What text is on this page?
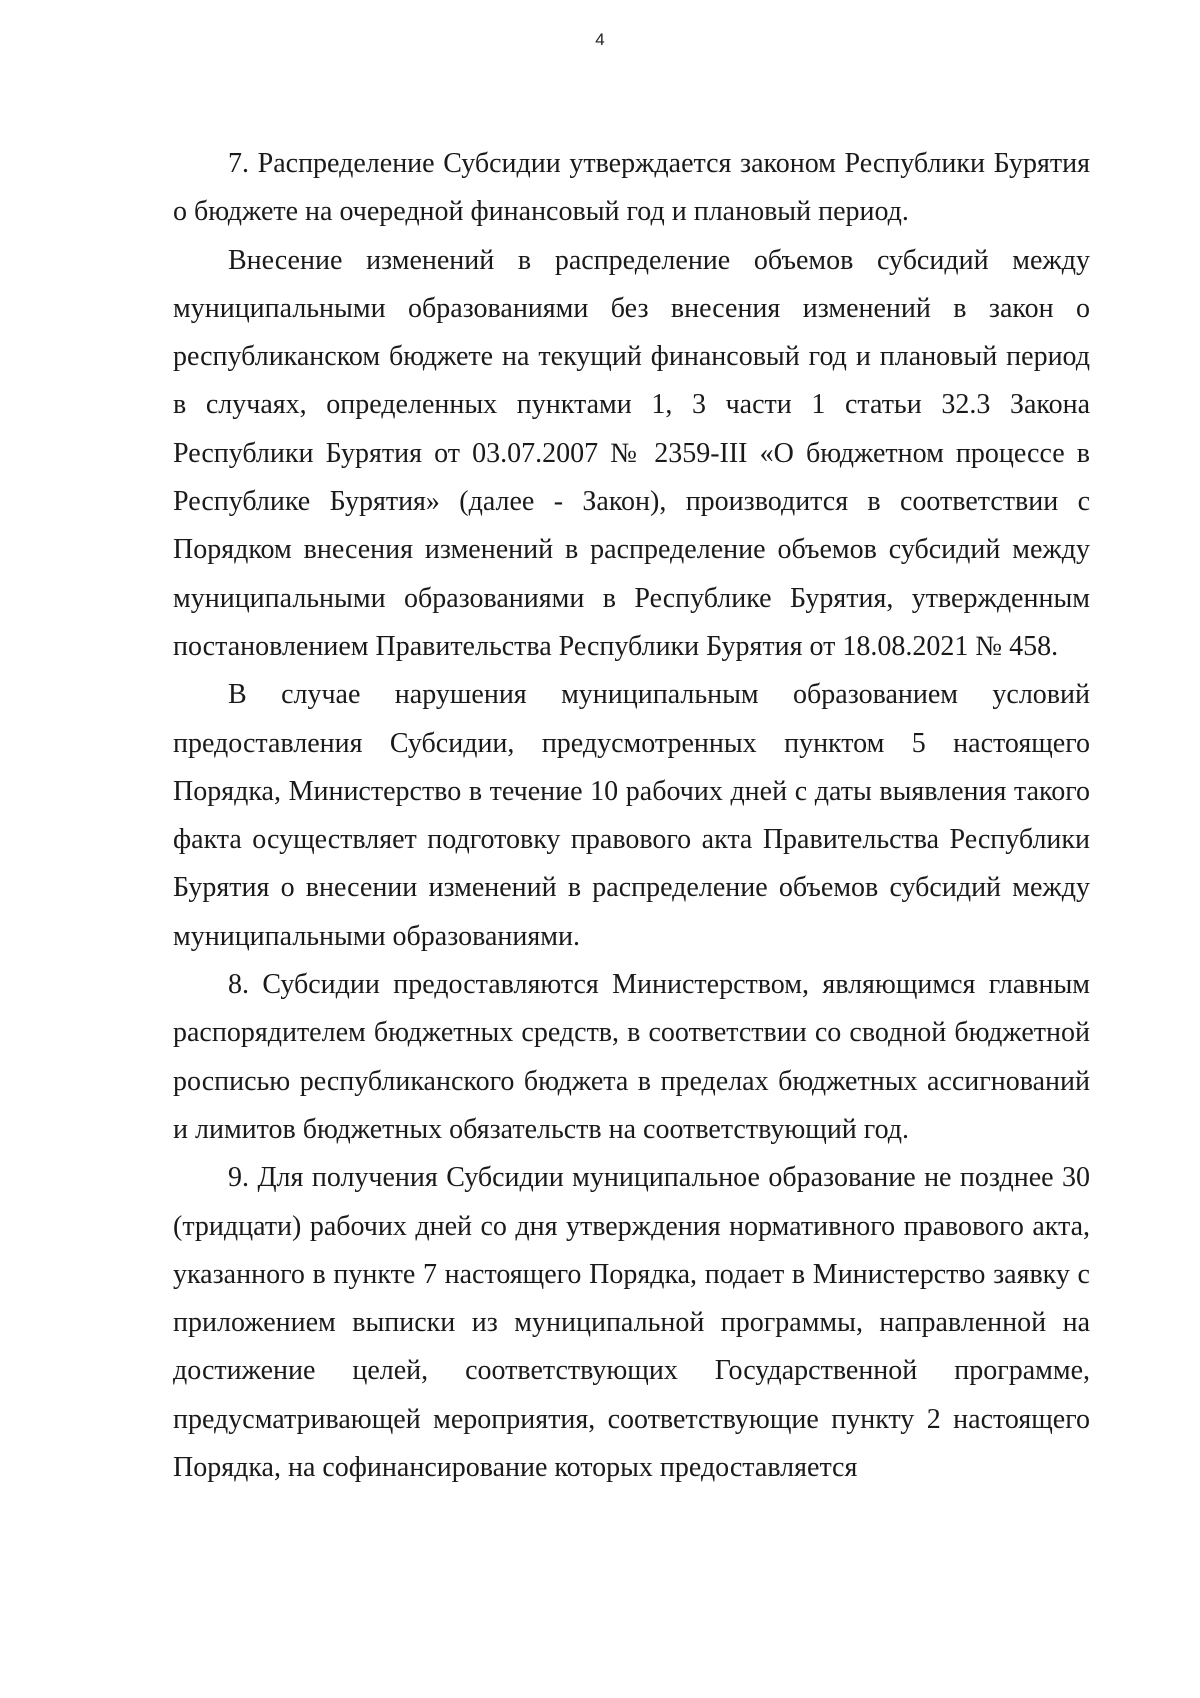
4

7. Распределение Субсидии утверждается законом Республики Бурятия о бюджете на очередной финансовый год и плановый период.

Внесение изменений в распределение объемов субсидий между муниципальными образованиями без внесения изменений в закон о республиканском бюджете на текущий финансовый год и плановый период в случаях, определенных пунктами 1, 3 части 1 статьи 32.3 Закона Республики Бурятия от 03.07.2007 № 2359-III «О бюджетном процессе в Республике Бурятия» (далее - Закон), производится в соответствии с Порядком внесения изменений в распределение объемов субсидий между муниципальными образованиями в Республике Бурятия, утвержденным постановлением Правительства Республики Бурятия от 18.08.2021 № 458.

В случае нарушения муниципальным образованием условий предоставления Субсидии, предусмотренных пунктом 5 настоящего Порядка, Министерство в течение 10 рабочих дней с даты выявления такого факта осуществляет подготовку правового акта Правительства Республики Бурятия о внесении изменений в распределение объемов субсидий между муниципальными образованиями.

8. Субсидии предоставляются Министерством, являющимся главным распорядителем бюджетных средств, в соответствии со сводной бюджетной росписью республиканского бюджета в пределах бюджетных ассигнований и лимитов бюджетных обязательств на соответствующий год.

9. Для получения Субсидии муниципальное образование не позднее 30 (тридцати) рабочих дней со дня утверждения нормативного правового акта, указанного в пункте 7 настоящего Порядка, подает в Министерство заявку с приложением выписки из муниципальной программы, направленной на достижение целей, соответствующих Государственной программе, предусматривающей мероприятия, соответствующие пункту 2 настоящего Порядка, на софинансирование которых предоставляется
